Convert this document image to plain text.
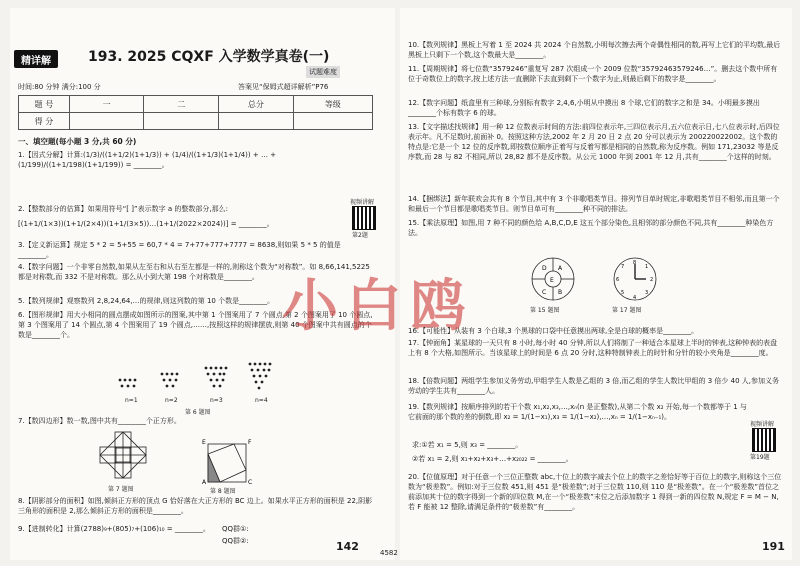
精详解	193. 2025 CQXF 入学数学真卷(一)
试题难度
时间:80 分钟 满分:100 分	答案见“保姆式超详解析”P76
题 号	一	二	总分	等级
得 分				
一、填空题(每小题 3 分,共 60 分)
1.【因式分解】计算:(1/3)/((1+1/2)(1+1/3)) + (1/4)/((1+1/3)(1+1/4)) + … + (1/199)/((1+1/198)(1+1/199)) = ________。
2.【整数部分的估算】如果用符号“[ ]”表示数字 a 的整数部分,那么:
[(1+1/(1×3))(1+1/(2×4))(1+1/(3×5))…(1+1/(2022×2024))] = ________。
视频讲解
第2题
3.【定义新运算】规定 5 * 2 = 5+55 = 60,7 * 4 = 7+77+777+7777 = 8638,则如果 5 * 5 的值是________。
4.【数字问题】一个非零自然数,如果从左至右和从右至左都是一样的,则称这个数为“对称数”。如 8,66,141,5225 都是对称数,而 332 不是对称数。那么从小到大第 198 个对称数是________。
5.【数列规律】观察数列 2,8,24,64,…的规律,则这列数的第 10 个数是________。
6.【图形规律】用大小相同的圆点摆成如图所示的图案,其中第 1 个图案用了 7 个圆点,第 2 个图案用了 10 个圆点,第 3 个图案用了 14 个圆点,第 4 个图案用了 19 个圆点,……,按照这样的规律摆放,则第 40 个图案中共有圆点的个数是________个。
n=1	n=2	n=3	n=4
第 6 题图
7.【数四边形】数一数,图中共有________个正方形。
第 7 题图
E	F
C
A
第 8 题图
8.【阴影部分的面积】如图,倾斜正方形的顶点 G 恰好落在大正方形的 BC 边上。如果水平正方形的面积是 22,阴影三角形的面积是 2,那么倾斜正方形的面积是________。
9.【进制转化】计算(2788)₉+(805)₇+(106)₁₀ = ________。	QQ群①:
QQ群②:	142	4582
10.【数列规律】黑板上写着 1 至 2024 共 2024 个自然数,小明每次擦去两个奇偶性相同的数,再写上它们的平均数,最后黑板上只剩下一个数,这个数最大是________。
11.【周期规律】将七位数“3579246”重复写 287 次组成一个 2009 位数“35792463579246…”。删去这个数中所有位于奇数位上的数字,按上述方法一直删除下去直到剩下一个数字为止,则最后剩下的数字是________。
12.【数字问题】纸盒里有三种球,分别标有数字 2,4,6,小明从中摸出 8 个球,它们的数字之和是 34。小明最多摸出________个标有数字 6 的球。
13.【文字描述找规律】用一种 12 位数表示时间的方法:前四位表示年,三四位表示月,五六位表示日,七八位表示时,后四位表示年。凡不足数时,前面补 0。按照这种方法,2002 年 2 月 20 日 2 点 20 分可以表示为 200220022002。这个数的特点是:它是一个 12 位的反序数,即按数位顺序正着写与反着写都是相同的自然数,称为反序数。例如 171,23032 等是反序数,而 28 与 82 不相同,所以 28,82 都不是反序数。从公元 1000 年到 2001 年 12 月,共有________个这样的时刻。
14.【捆绑法】新年联欢会共有 8 个节目,其中有 3 个非歌唱类节目。排列节目单时规定,非歌唱类节目不相邻,而且第一个和最后一个节目都是歌唱类节目。则节目单可有________种不同的排法。
15.【乘法原理】如图,用 7 种不同的颜色给 A,B,C,D,E 这五个部分染色,且相邻的部分颜色不同,共有________种染色方法。
D A
E
C B
第 15 题图
8
1
2
3
4
5
6
7
第 17 题图
16.【可能性】从装有 3 个白球,3 个黑球的口袋中任意摸出两球,全是白球的概率是________。
17.【钟面角】某星球的一天只有 8 小时,每小时 40 分钟,所以人们将制了一种适合本星球上半时的钟表,这种钟表的表盘上有 8 个大格,如图所示。当该星球上的时间是 6 点 20 分时,这种特制钟表上的时针和分针的较小夹角是________度。
18.【倍数问题】两组学生参加义务劳动,甲组学生人数是乙组的 3 倍,而乙组的学生人数比甲组的 3 倍少 40 人,参加义务劳动的学生共有________人。
19.【数列规律】按顺序排列的若干个数 x₁,x₂,x₃,…,xₙ(n 是正整数),从第二个数 x₂ 开始,每一个数都等于 1 与它前面的那个数的差的倒数,即 x₂ = 1/(1−x₁),x₃ = 1/(1−x₂),…,xₙ = 1/(1−xₙ₋₁)。
求:①若 x₁ = 5,则 x₃ = ________。
②若 x₁ = 2,则 x₁+x₂+x₃+…+x₂₀₂₂ = ________。
视频讲解
第19题
20.【位值原理】对于任意一个三位正整数 abc,十位上的数字减去个位上的数字之差恰好等于百位上的数字,则称这个三位数为“极差数”。例如:对于三位数 451,则 451 是“极差数”;对于三位数 110,则 110 是“极差数”。在一个“极差数”首位之前添加其十位的数字得到一个新的四位数 M,在一个“极差数”末位之后添加数字 1 得到一新的四位数 N,规定 F = M − N,若 F 能被 12 整除,请满足条件的“极差数”有________。
191
小白鸥
